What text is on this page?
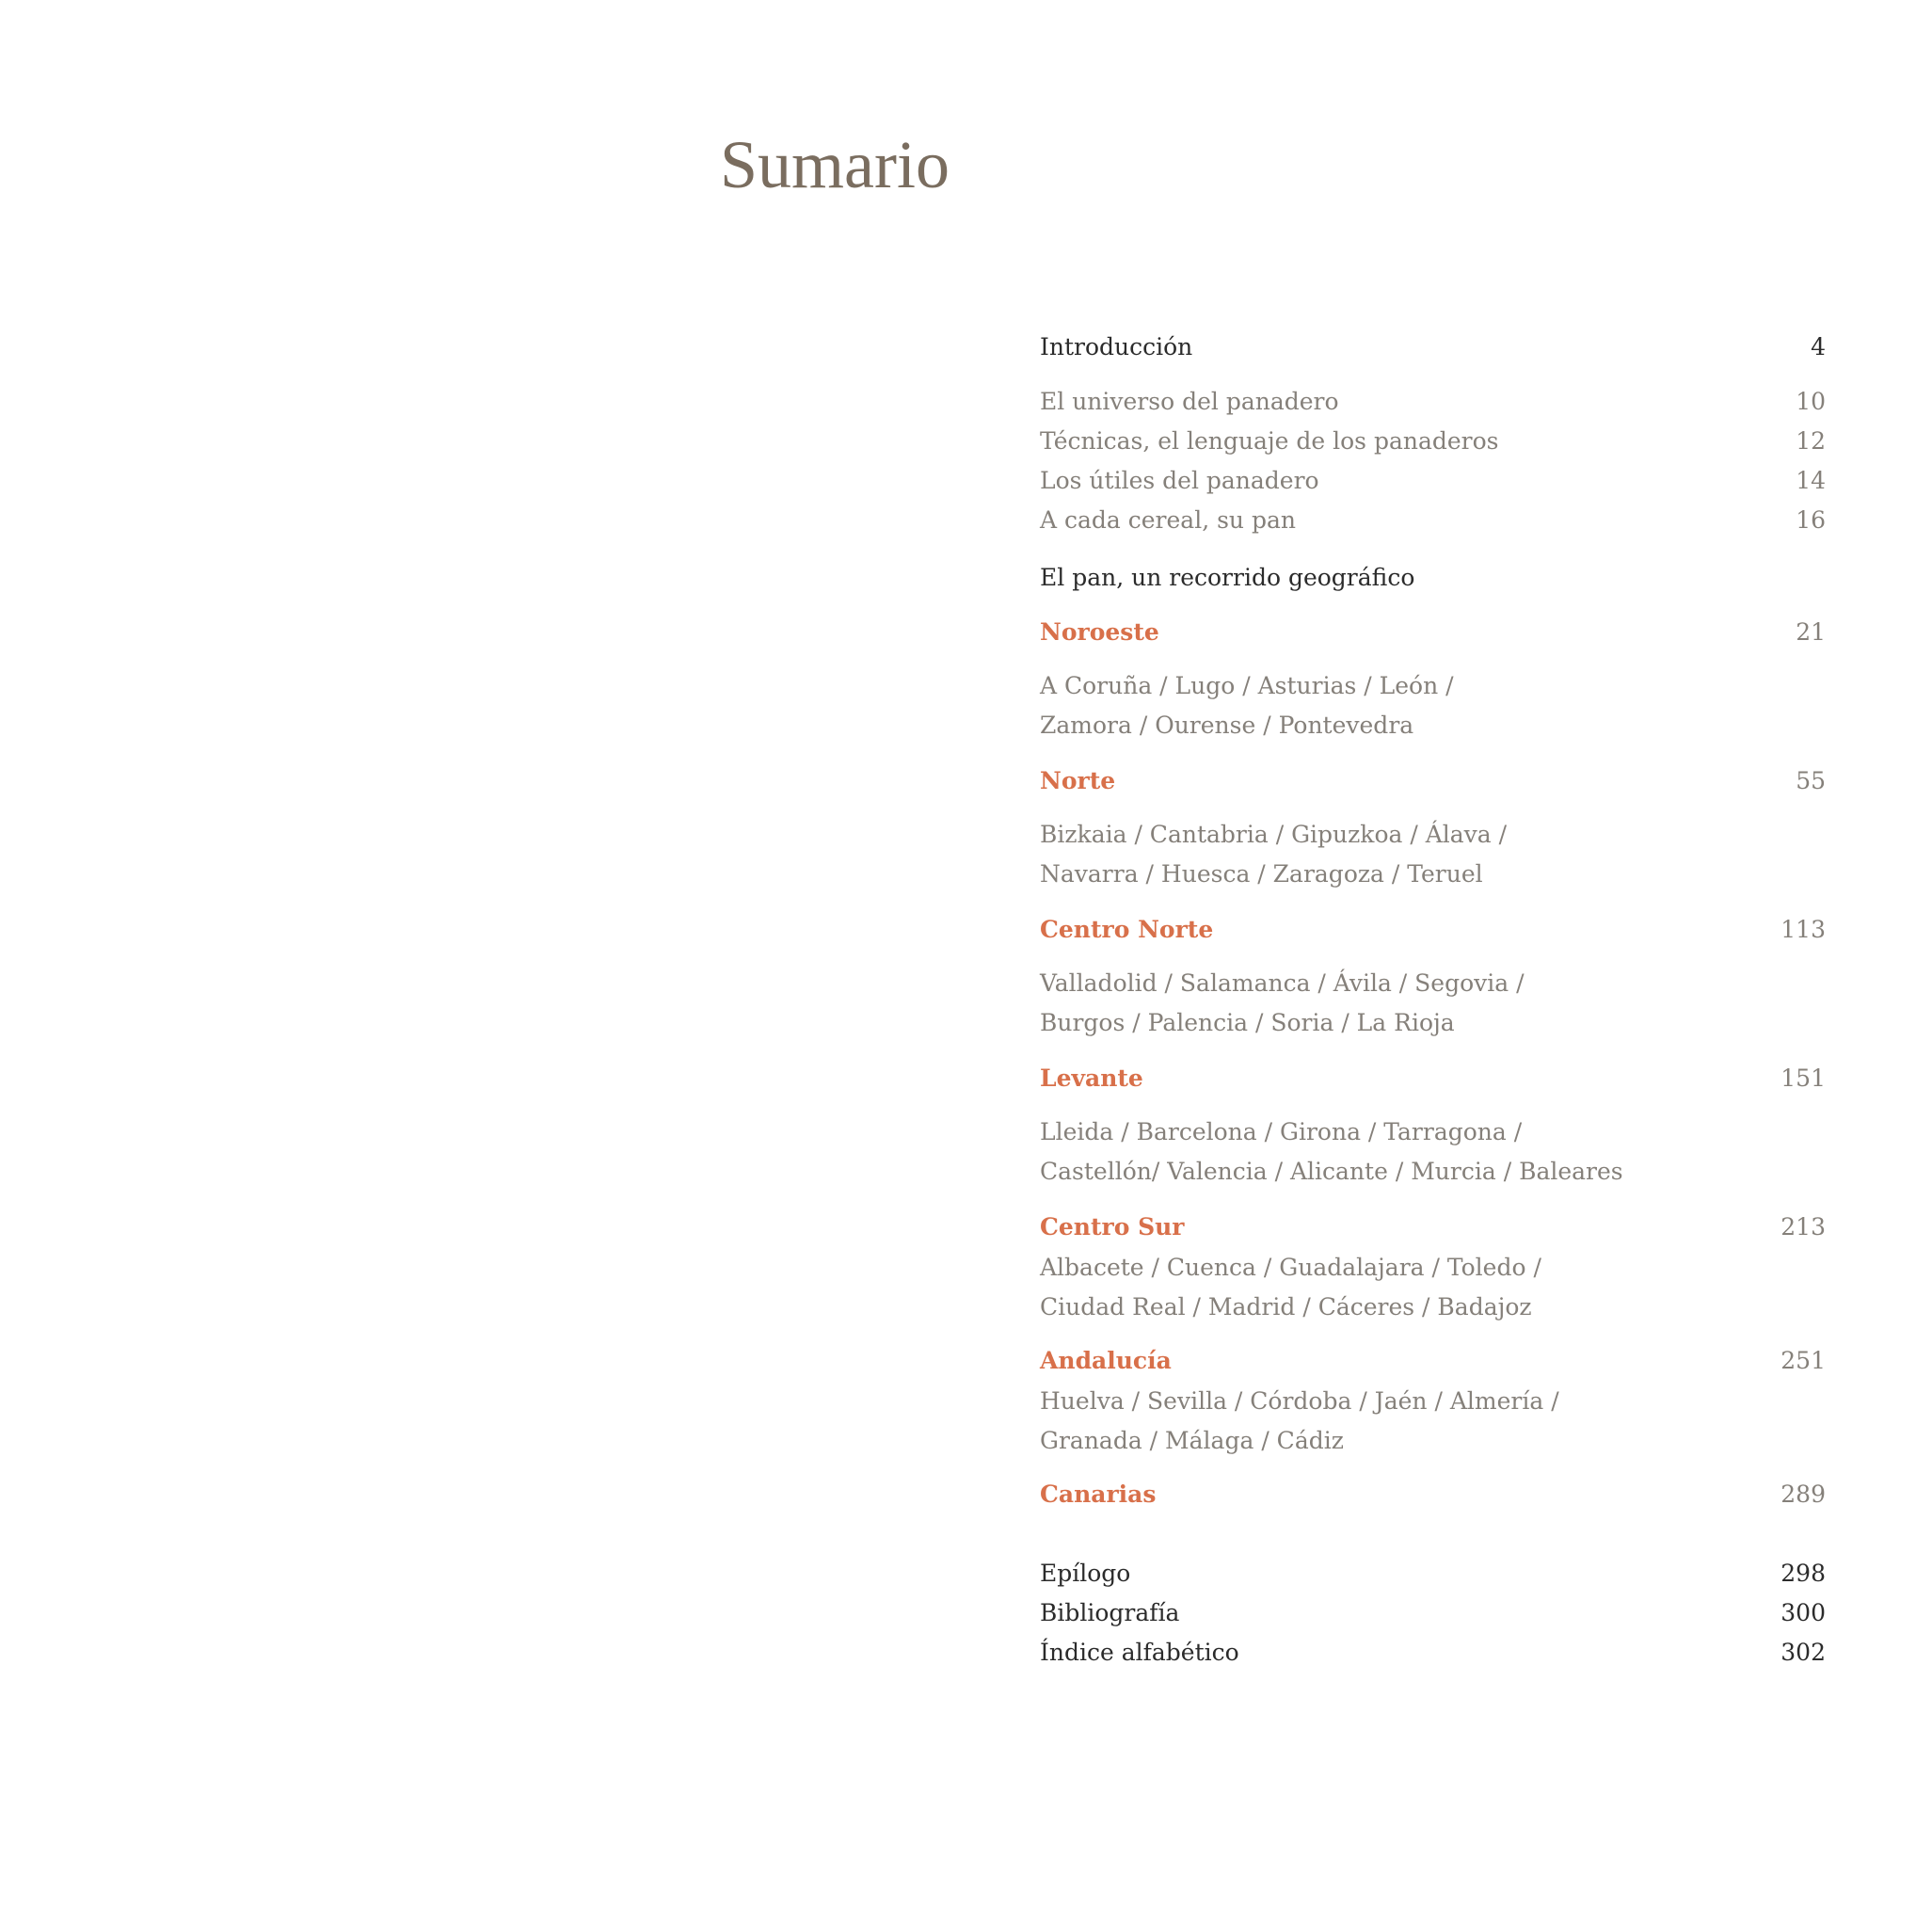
Sumario
Introducción	4
El universo del panadero	10
Técnicas, el lenguaje de los panaderos	12
Los útiles del panadero	14
A cada cereal, su pan	16
El pan, un recorrido geográfico
Noroeste	21
A Coruña / Lugo / Asturias / León /
Zamora / Ourense / Pontevedra
Norte	55
Bizkaia / Cantabria / Gipuzkoa / Álava /
Navarra / Huesca / Zaragoza / Teruel
Centro Norte	113
Valladolid / Salamanca / Ávila / Segovia /
Burgos / Palencia / Soria / La Rioja
Levante	151
Lleida / Barcelona / Girona / Tarragona /
Castellón/ Valencia / Alicante / Murcia / Baleares
Centro Sur	213
Albacete / Cuenca / Guadalajara / Toledo /
Ciudad Real / Madrid / Cáceres / Badajoz
Andalucía	251
Huelva / Sevilla / Córdoba / Jaén / Almería /
Granada / Málaga / Cádiz
Canarias	289
Epílogo	298
Bibliografía	300
Índice alfabético	302
